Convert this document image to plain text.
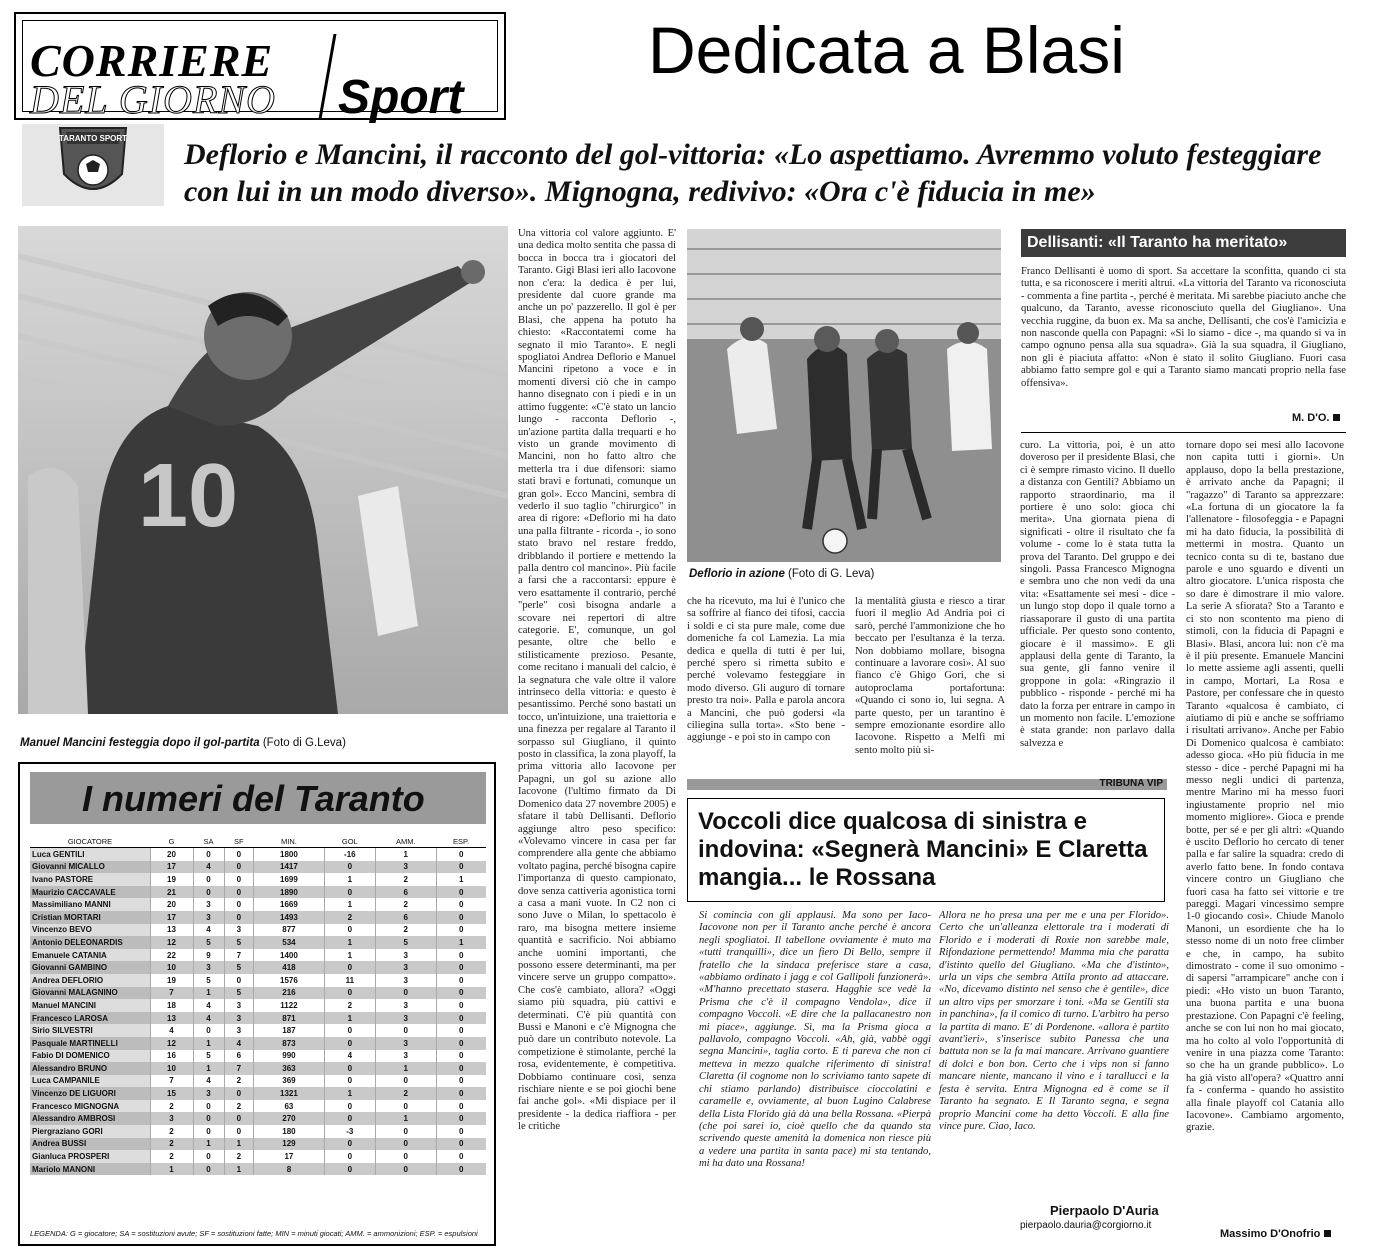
CORRIERE
DEL GIORNO Sport
Dedicata a Blasi
TARANTO SPORT Deflorio e Mancini, il racconto del gol-vittoria: «Lo aspettiamo. Avremmo voluto festeggiare con lui in un modo diverso». Mignogna, redivivo: «Ora c'è fiducia in me»
10
Manuel Mancini festeggia dopo il gol-partita (Foto di G.Leva)
I numeri del Taranto
GIOCATORE	G	SA	SF	MIN.	GOL	AMM.	ESP.
Luca GENTILI	20	0	0	1800	-16	1	0
Giovanni MICALLO	17	4	0	1417	0	3	0
Ivano PASTORE	19	0	0	1699	1	2	1
Maurizio CACCAVALE	21	0	0	1890	0	6	0
Massimiliano MANNI	20	3	0	1669	1	2	0
Cristian MORTARI	17	3	0	1493	2	6	0
Vincenzo BEVO	13	4	3	877	0	2	0
Antonio DELEONARDIS	12	5	5	534	1	5	1
Emanuele CATANIA	22	9	7	1400	1	3	0
Giovanni GAMBINO	10	3	5	418	0	3	0
Andrea DEFLORIO	19	5	0	1576	11	3	0
Giovanni MALAGNINO	7	1	5	216	0	0	0
Manuel MANCINI	18	4	3	1122	2	3	0
Francesco LAROSA	13	4	3	871	1	3	0
Sirio SILVESTRI	4	0	3	187	0	0	0
Pasquale MARTINELLI	12	1	4	873	0	3	0
Fabio DI DOMENICO	16	5	6	990	4	3	0
Alessandro BRUNO	10	1	7	363	0	1	0
Luca CAMPANILE	7	4	2	369	0	0	0
Vincenzo DE LIGUORI	15	3	0	1321	1	2	0
Francesco MIGNOGNA	2	0	2	63	0	0	0
Alessandro AMBROSI	3	0	0	270	0	1	0
Piergraziano GORI	2	0	0	180	-3	0	0
Andrea BUSSI	2	1	1	129	0	0	0
Gianluca PROSPERI	2	0	2	17	0	0	0
Mariolo MANONI	1	0	1	8	0	0	0
LEGENDA: G = giocatore; SA = sostituzioni avute; SF = sostituzioni fatte; MIN = minuti giocati; AMM. = ammonizioni; ESP. = espulsioni

Una vittoria col valore aggiunto. E' una dedica molto sentita che passa di bocca in bocca tra i giocatori del Taranto. Gigi Blasi ieri allo Iacovone non c'era: la dedica è per lui, presidente dal cuore grande ma anche un po' pazzerello. Il gol è per Blasi, che appena ha potuto ha chiesto: «Raccontatemi come ha segnato il mio Taranto». E negli spogliatoi Andrea Deflorio e Manuel Mancini ripetono a voce e in momenti diversi ciò che in campo hanno disegnato con i piedi e in un attimo fuggente: «C'è stato un lancio lungo - racconta Deflorio -, un'azione partita dalla trequarti e ho visto un grande movimento di Mancini, non ho fatto altro che metterla tra i due difensori: siamo stati bravi e fortunati, comunque un gran gol». Ecco Mancini, sembra di vederlo il suo taglio "chirurgico" in area di rigore: «Deflorio mi ha dato una palla filtrante - ricorda -, io sono stato bravo nel restare freddo, dribblando il portiere e mettendo la palla dentro col mancino». Più facile a farsi che a raccontarsi: eppure è vero esattamente il contrario, perché "perle" così bisogna andarle a scovare nei repertori di altre categorie. E', comunque, un gol pesante, oltre che bello e stilisticamente prezioso. Pesante, come recitano i manuali del calcio, è la segnatura che vale oltre il valore intrinseco della vittoria: e questo è pesantissimo. Perché sono bastati un tocco, un'intuizione, una traiettoria e una finezza per regalare al Taranto il sorpasso sul Giugliano, il quinto posto in classifica, la zona playoff, la prima vittoria allo Iacovone per Papagni, un gol su azione allo Iacovone (l'ultimo firmato da Di Domenico data 27 novembre 2005) e sfatare il tabù Dellisanti. Deflorio aggiunge altro peso specifico: «Volevamo vincere in casa per far comprendere alla gente che abbiamo voltato pagina, perché bisogna capire l'importanza di questo campionato, dove senza cattiveria agonistica torni a casa a mani vuote. In C2 non ci sono Juve o Milan, lo spettacolo è raro, ma bisogna mettere insieme quantità e sacrificio. Noi abbiamo anche uomini importanti, che possono essere determinanti, ma per vincere serve un gruppo compatto». Che cos'è cambiato, allora? «Oggi siamo più squadra, più cattivi e determinati. C'è più quantità con Bussi e Manoni e c'è Mignogna che può dare un contributo notevole. La competizione è stimolante, perché la rosa, evidentemente, è competitiva. Dobbiamo continuare così, senza rischiare niente e se poi giochi bene fai anche gol». «Mi dispiace per il presidente - la dedica riaffiora - per le critiche

Deflorio in azione (Foto di G. Leva)
Dellisanti: «Il Taranto ha meritato»

Franco Dellisanti è uomo di sport. Sa accettare la sconfitta, quando ci sta tutta, e sa riconoscere i meriti altrui. «La vittoria del Taranto va riconosciuta - commenta a fine partita -, perché è meritata. Mi sarebbe piaciuto anche che qualcuno, da Taranto, avesse riconosciuto quella del Giugliano». Una vecchia ruggine, da buon ex. Ma sa anche, Dellisanti, che cos'è l'amicizia e non nasconde quella con Papagni: «Si lo siamo - dice -, ma quando si va in campo ognuno pensa alla sua squadra». Già la sua squadra, il Giugliano, non gli è piaciuta affatto: «Non è stato il solito Giugliano. Fuori casa abbiamo fatto sempre gol e qui a Taranto siamo mancati proprio nella fase offensiva».

M. D'O.

che ha ricevuto, ma lui è l'unico che sa soffrire al fianco dei tifosi, caccia i soldi e ci sta pure male, come due domeniche fa col Lamezia. La mia dedica e quella di tutti è per lui, perché spero si rimetta subito e perché volevamo festeggiare in modo diverso. Gli auguro di tornare presto tra noi». Palla e parola ancora a Mancini, che può godersi «la ciliegina sulla torta». «Sto bene - aggiunge - e poi sto in campo con

la mentalità giusta e riesco a tirar fuori il meglio Ad Andria poi ci sarò, perché l'ammonizione che ho beccato per l'esultanza è la terza. Non dobbiamo mollare, bisogna continuare a lavorare così». Al suo fianco c'è Ghigo Gori, che si autoproclama portafortuna: «Quando ci sono io, lui segna. A parte questo, per un tarantino è sempre emozionante esordire allo Iacovone. Rispetto a Melfi mi sento molto più si-

curo. La vittoria, poi, è un atto doveroso per il presidente Blasi, che ci è sempre rimasto vicino. Il duello a distanza con Gentili? Abbiamo un rapporto straordinario, ma il portiere è uno solo: gioca chi merita». Una giornata piena di significati - oltre il risultato che fa volume - come lo è stata tutta la prova del Taranto. Del gruppo e dei singoli. Passa Francesco Mignogna e sembra uno che non vedi da una vita: «Esattamente sei mesi - dice - un lungo stop dopo il quale torno a riassaporare il gusto di una partita ufficiale. Per questo sono contento, giocare è il massimo». E gli applausi della gente di Taranto, la sua gente, gli fanno venire il groppone in gola: «Ringrazio il pubblico - risponde - perché mi ha dato la forza per entrare in campo in un momento non facile. L'emozione è stata grande: non parlavo dalla salvezza e

tornare dopo sei mesi allo Iacovone non capita tutti i giorni». Un applauso, dopo la bella prestazione, è arrivato anche da Papagni; il "ragazzo" di Taranto sa apprezzare: «La fortuna di un giocatore la fa l'allenatore - filosofeggia - e Papagni mi ha dato fiducia, la possibilità di mettermi in mostra. Quanto un tecnico conta su di te, bastano due parole e uno sguardo e diventi un altro giocatore. L'unica risposta che so dare è dimostrare il mio valore. La serie A sfiorata? Sto a Taranto e ci sto non scontento ma pieno di stimoli, con la fiducia di Papagni e Blasi». Blasi, ancora lui: non c'è ma è il più presente. Emanuele Mancini lo mette assieme agli assenti, quelli in campo, Mortari, La Rosa e Pastore, per confessare che in questo Taranto «qualcosa è cambiato, ci aiutiamo di più e anche se soffriamo i risultati arrivano». Anche per Fabio Di Domenico qualcosa è cambiato: adesso gioca. «Ho più fiducia in me stesso - dice - perché Papagni mi ha messo negli undici di partenza, mentre Marino mi ha messo fuori ingiustamente proprio nel mio momento migliore». Gioca e prende botte, per sé e per gli altri: «Quando è uscito Deflorio ho cercato di tener palla e far salire la squadra: credo di averlo fatto bene. In fondo contava vincere contro un Giugliano che fuori casa ha fatto sei vittorie e tre pareggi. Magari vincessimo sempre 1-0 giocando così». Chiude Manolo Manoni, un esordiente che ha lo stesso nome di un noto free climber e che, in campo, ha subito dimostrato - come il suo omonimo - di sapersi "arrampicare" anche con i piedi: «Ho visto un buon Taranto, una buona partita e una buona prestazione. Con Papagni c'è feeling, anche se con lui non ho mai giocato, ma ho colto al volo l'opportunità di venire in una piazza come Taranto: so che ha un grande pubblico». Lo ha già visto all'opera? «Quattro anni fa - conferma - quando ho assistito alla finale playoff col Catania allo Iacovone». Cambiamo argomento, grazie.

Massimo D'Onofrio
TRIBUNA VIP
Voccoli dice qualcosa di sinistra e indovina: «Segnerà Mancini» E Claretta mangia... le Rossana

Si comincia con gli applausi. Ma sono per Iaco-Iacovone non per il Taranto anche perché è ancora negli spogliatoi. Il tabellone ovviamente è muto ma «tutti tranquilli», dice un fiero Di Bello, sempre il fratello che la sindaca preferisce stare a casa, «abbiamo ordinato i jagg e col Gallipoli funzionerà». «M'hanno precettato stasera. Hagghie sce vedè la Prisma che c'è il compagno Vendola», dice il compagno Voccoli. «E dire che la pallacanestro non mi piace», aggiunge. Sì, ma la Prisma gioca a pallavolo, compagno Voccoli. «Ah, già, vabbè oggi segna Mancini», taglia corto. E ti pareva che non ci metteva in mezzo qualche riferimento di sinistra! Claretta (il cognome non lo scriviamo tanto sapete di chi stiamo parlando) distribuisce cioccolatini e caramelle e, ovviamente, al buon Lugino Calabrese della Lista Florido già dà una bella Rossana. «Pierpà (che poi sarei io, cioè quello che da quando sta scrivendo queste amenità la domenica non riesce più a vedere una partita in santa pace) mi sta tentando, mi ha dato una Rossana!

Allora ne ho presa una per me e una per Florido». Certo che un'alleanza elettorale tra i moderati di Florido e i moderati di Roxie non sarebbe male, Rifondazione permettendo! Mamma mia che paratta d'istinto quello del Giugliano. «Ma che d'istinto», urla un vips che sembra Attila pronto ad attaccare. «No, dicevamo distinto nel senso che è gentile», dice un altro vips per smorzare i toni. «Ma se Gentili sta in panchina», fa il comico di turno. L'arbitro ha perso la partita di mano. E' di Pordenone. «allora è partito avant'ieri», s'inserisce subito Panessa che una battuta non se la fa mai mancare. Arrivano guantiere di dolci e bon bon. Certo che i vips non si fanno mancare niente, mancano il vino e i tarallucci e la festa è servita. Entra Mignogna ed è come se il Taranto ha segnato. E Il Taranto segna, e segna proprio Mancini come ha detto Voccoli. E alla fine vince pure. Ciao, Iaco.

Pierpaolo D'Auria
pierpaolo.dauria@corgiorno.it
